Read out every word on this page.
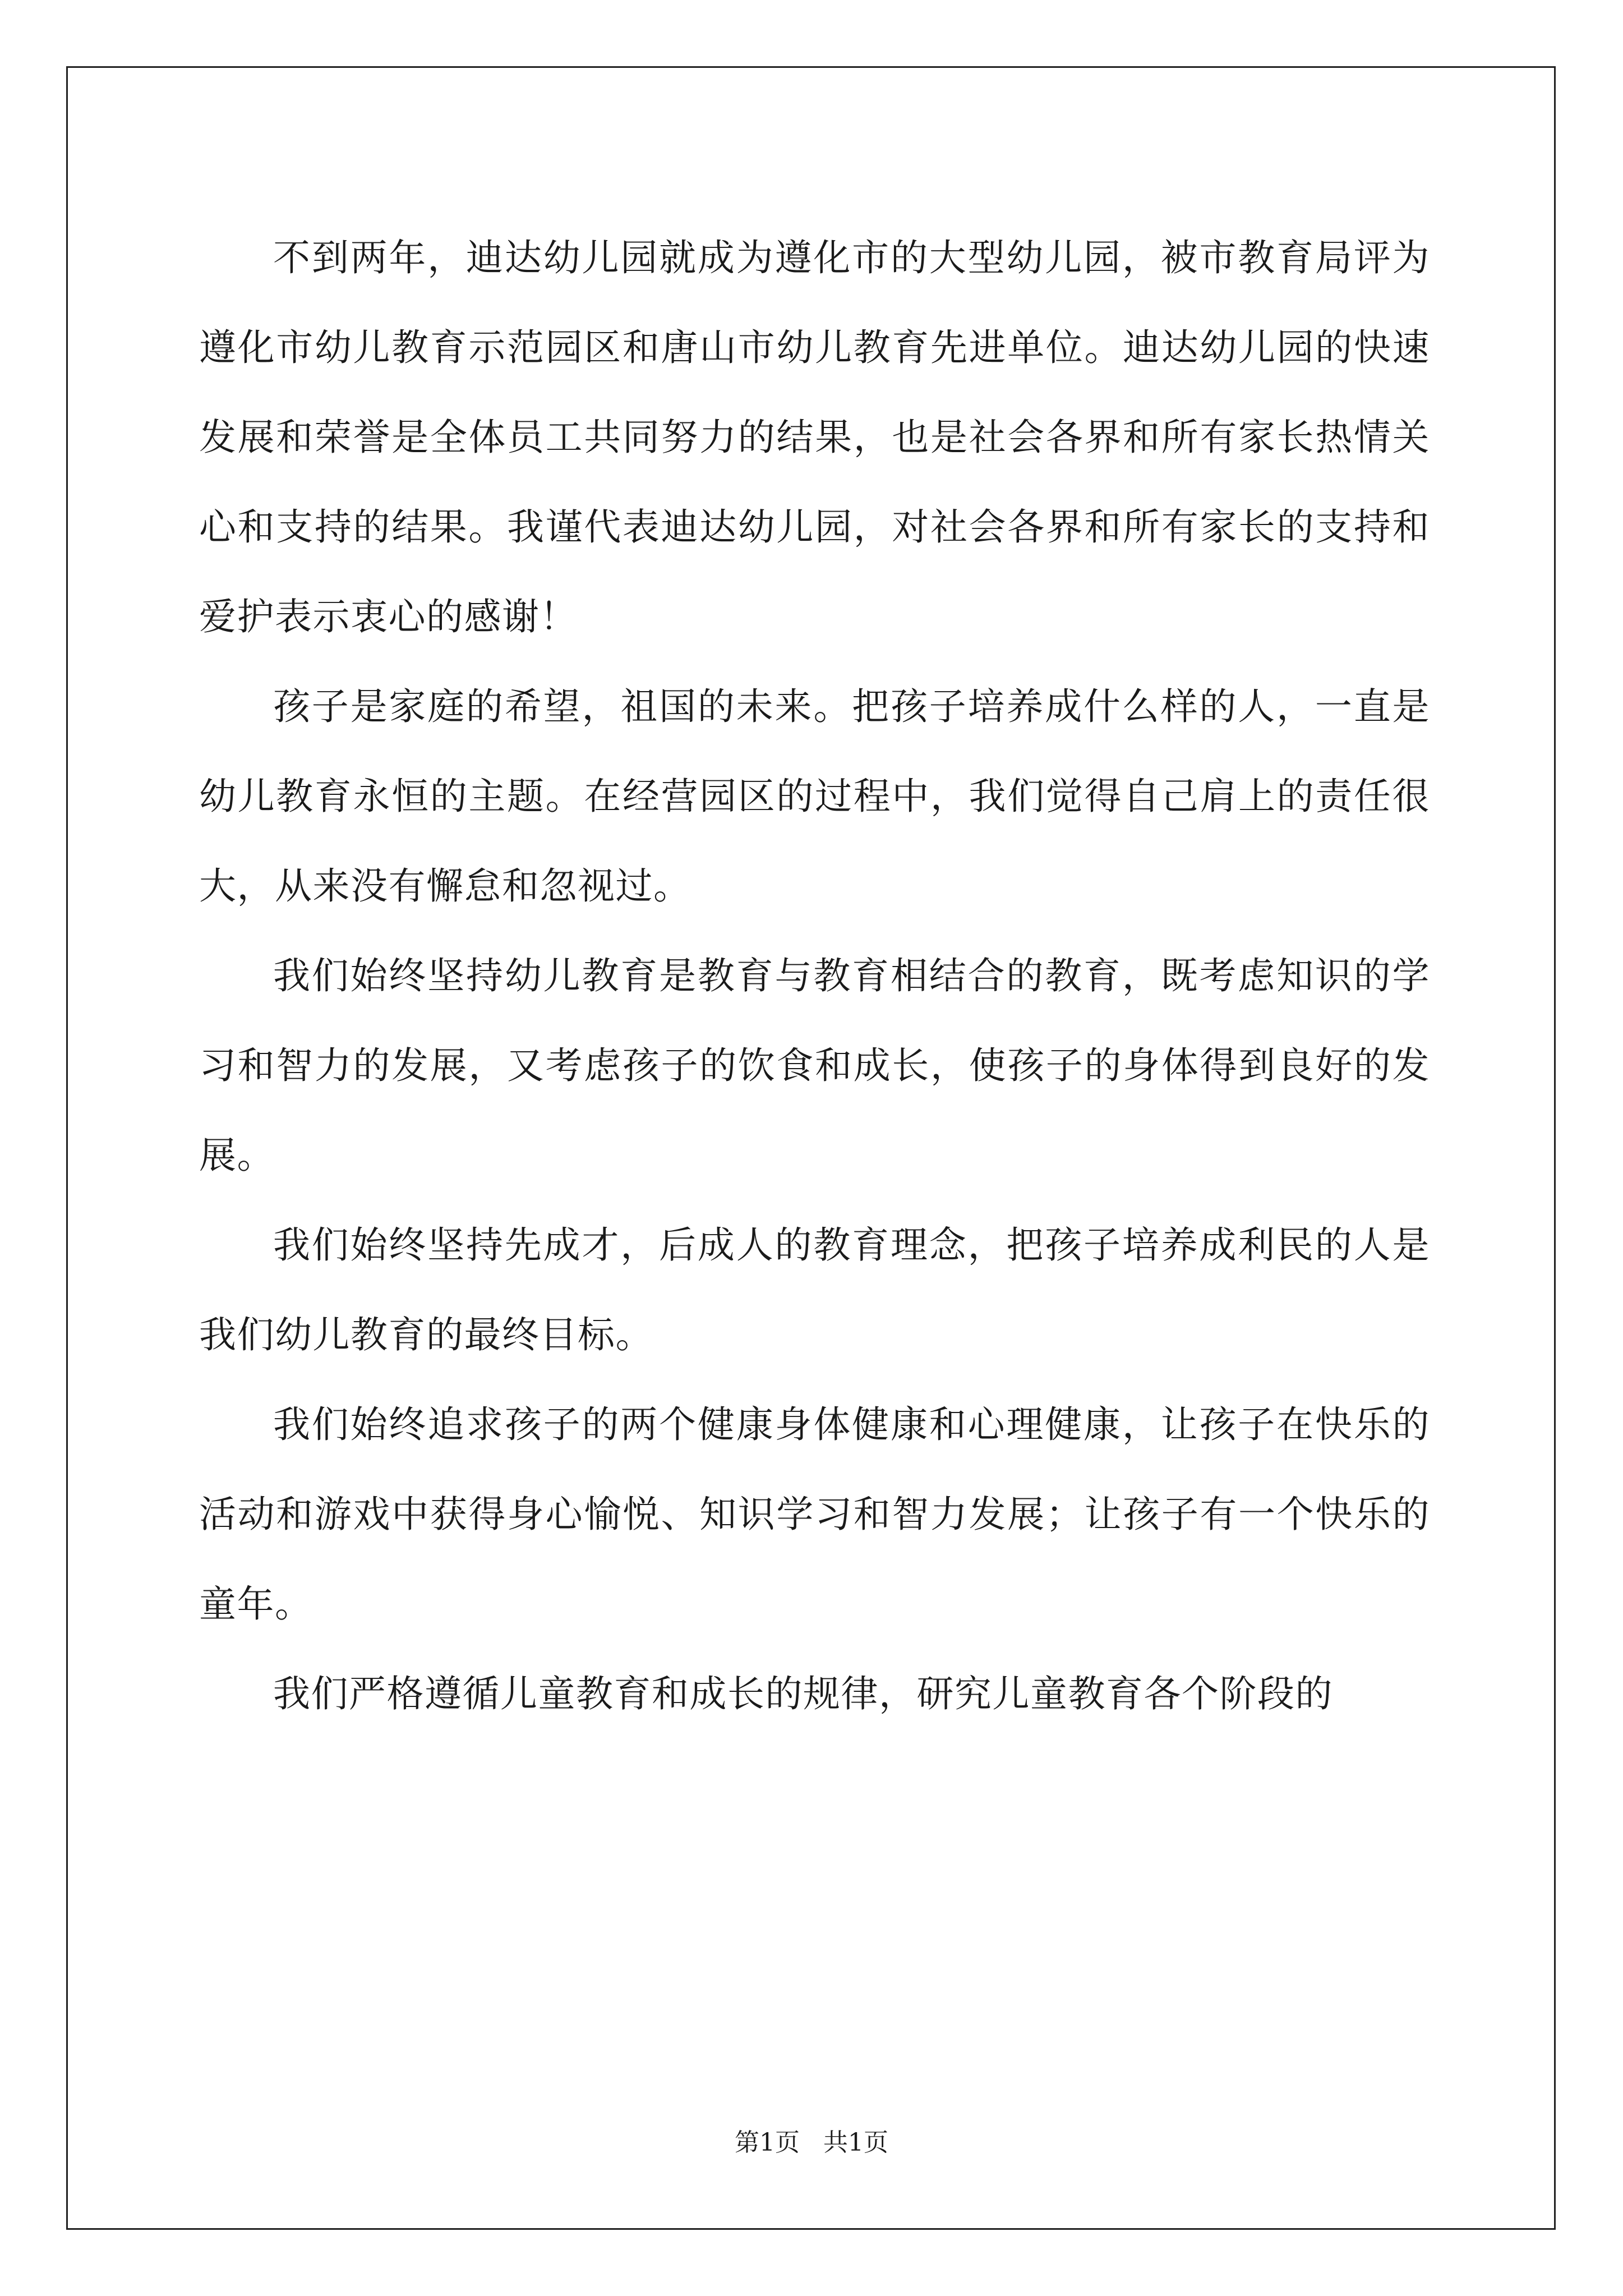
不到两年，迪达幼儿园就成为遵化市的大型幼儿园，被市教育局评为遵化市幼儿教育示范园区和唐山市幼儿教育先进单位。迪达幼儿园的快速发展和荣誉是全体员工共同努力的结果，也是社会各界和所有家长热情关心和支持的结果。我谨代表迪达幼儿园，对社会各界和所有家长的支持和爱护表示衷心的感谢！

孩子是家庭的希望，祖国的未来。把孩子培养成什么样的人，一直是幼儿教育永恒的主题。在经营园区的过程中，我们觉得自己肩上的责任很大，从来没有懈怠和忽视过。

我们始终坚持幼儿教育是教育与教育相结合的教育，既考虑知识的学习和智力的发展，又考虑孩子的饮食和成长，使孩子的身体得到良好的发展。

我们始终坚持先成才，后成人的教育理念，把孩子培养成利民的人是我们幼儿教育的最终目标。

我们始终追求孩子的两个健康身体健康和心理健康，让孩子在快乐的活动和游戏中获得身心愉悦、知识学习和智力发展；让孩子有一个快乐的童年。

我们严格遵循儿童教育和成长的规律，研究儿童教育各个阶段的

第1页 共1页
